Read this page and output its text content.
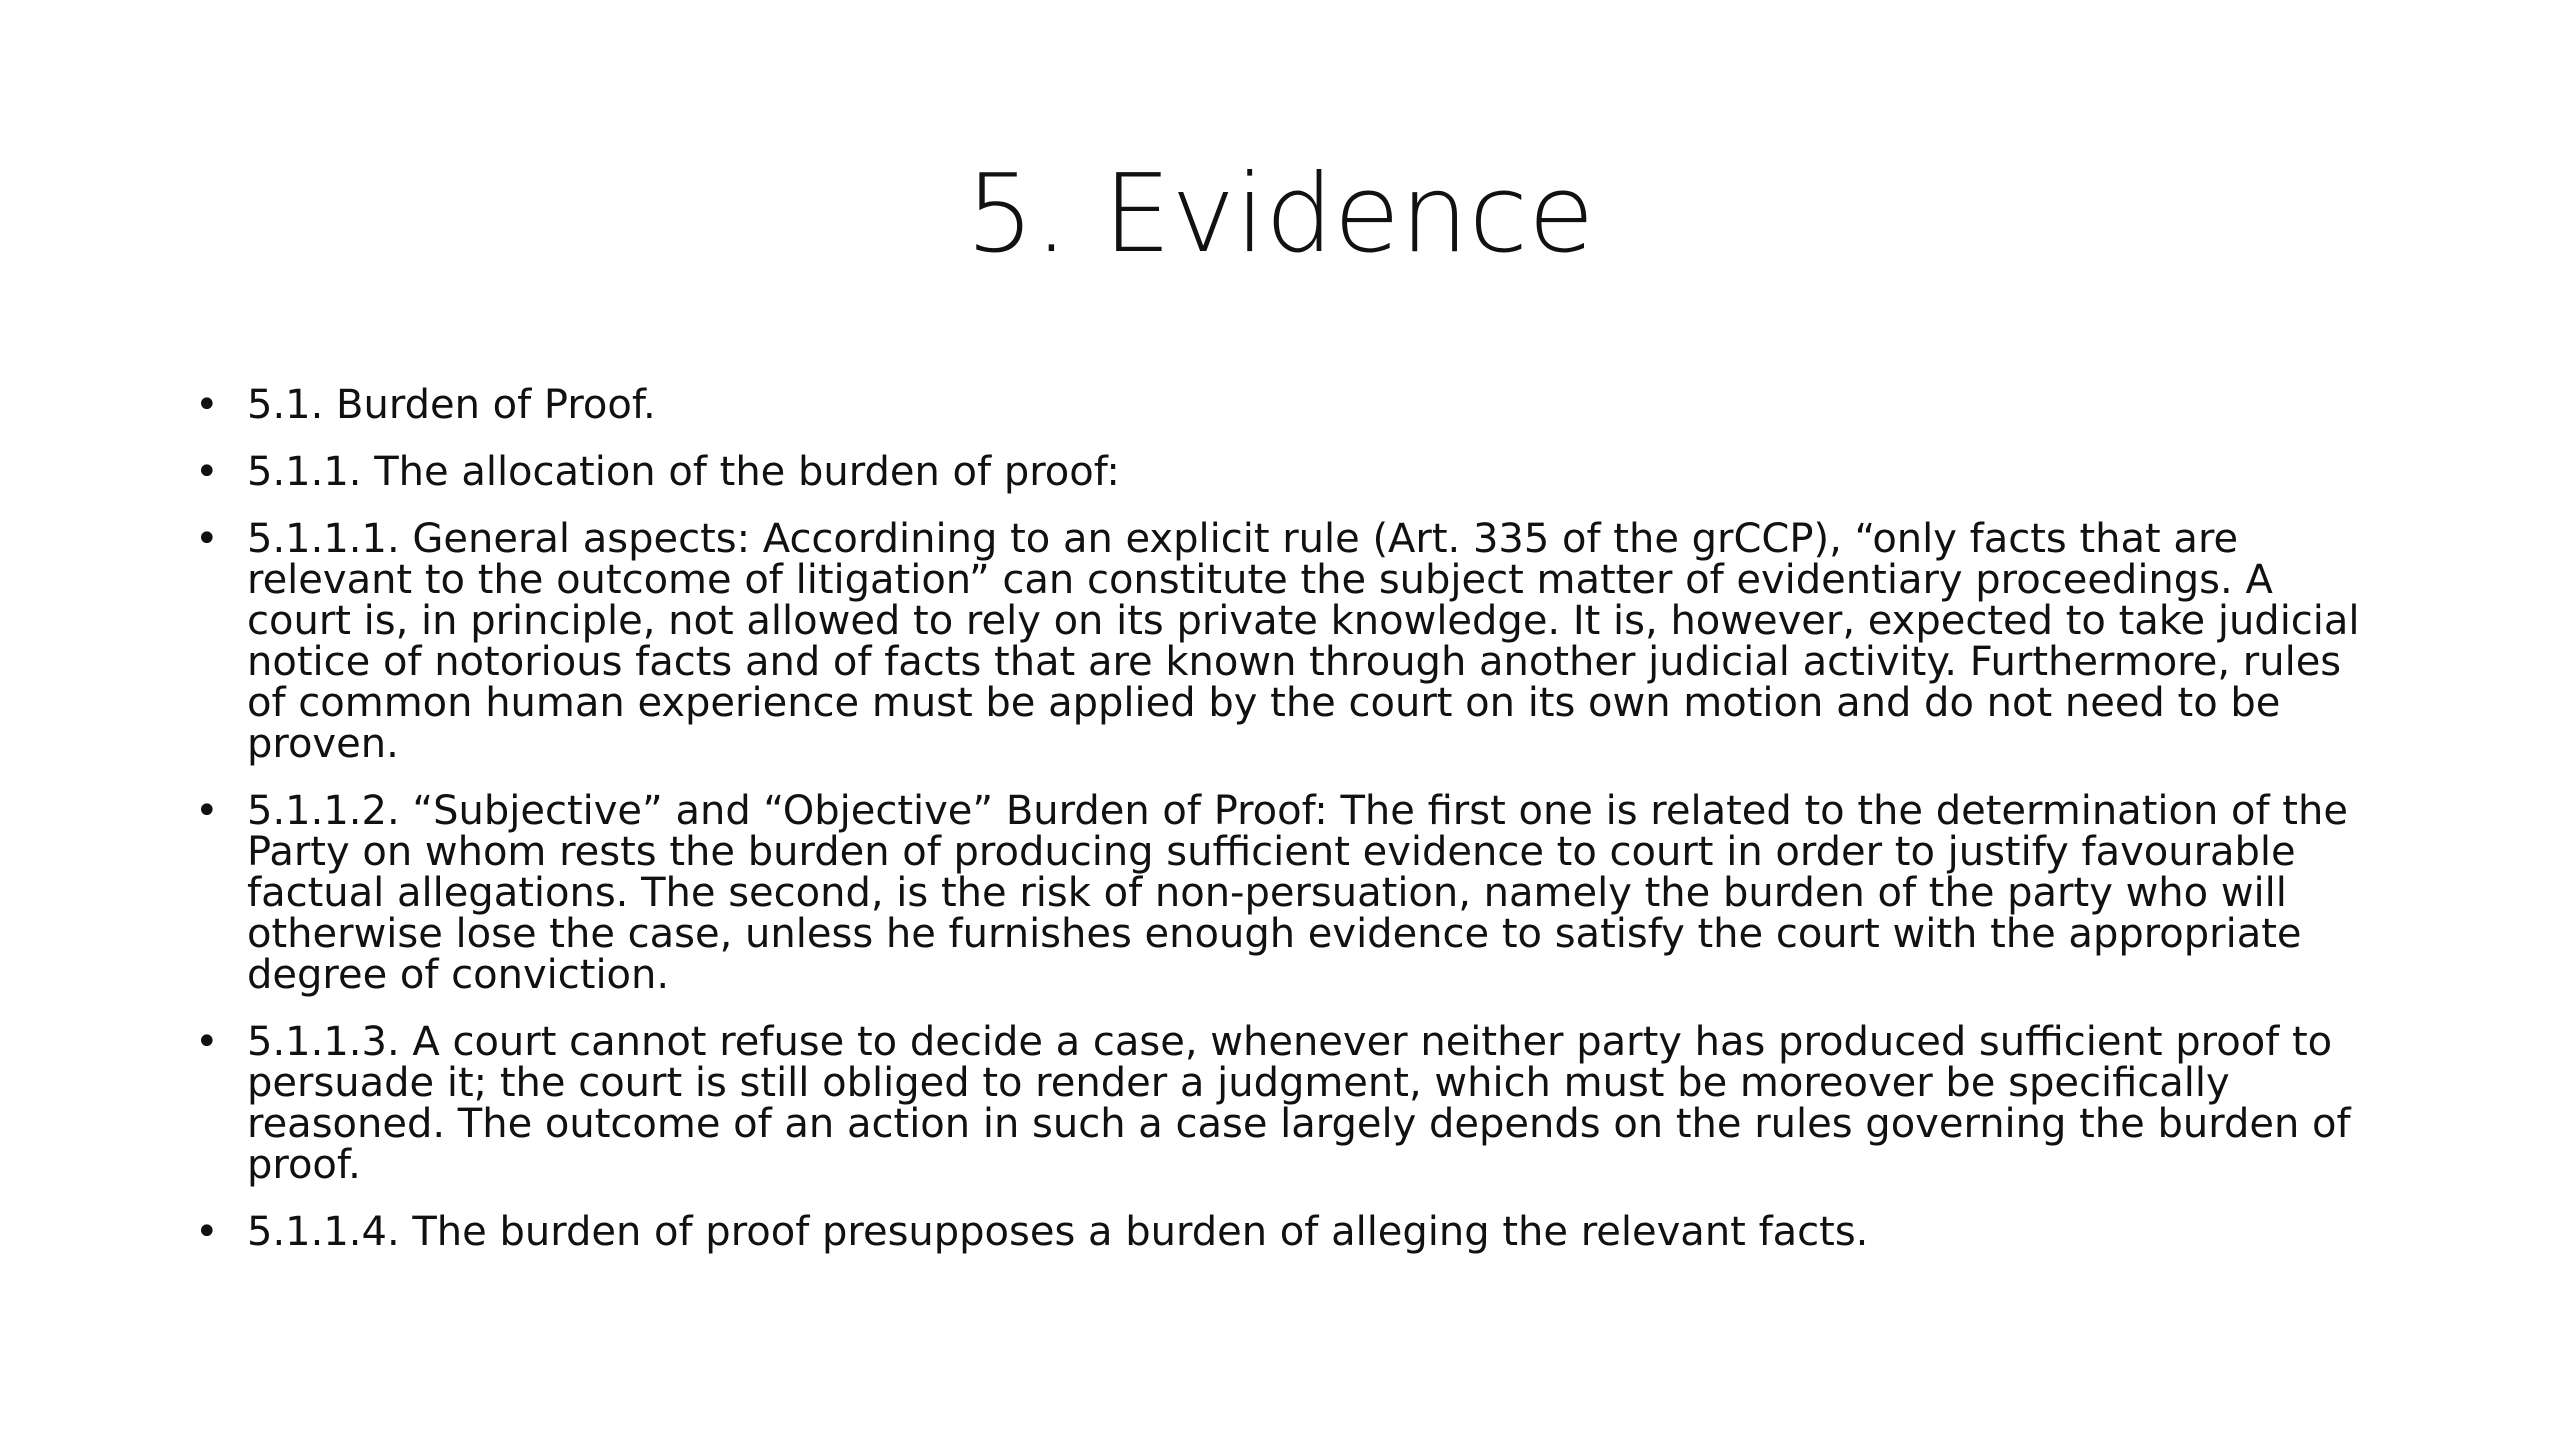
5. Evidence
• 5.1. Burden of Proof.
• 5.1.1. The allocation of the burden of proof:
• 5.1.1.1. General aspects: Accordining to an explicit rule (Art. 335 of the grCCP), “only facts that are relevant to the outcome of litigation” can constitute the subject matter of evidentiary proceedings. A court is, in principle, not allowed to rely on its private knowledge. It is, however, expected to take judicial notice of notorious facts and of facts that are known through another judicial activity. Furthermore, rules of common human experience must be applied by the court on its own motion and do not need to be proven.
• 5.1.1.2. “Subjective” and “Objective” Burden of Proof: The first one is related to the determination of the Party on whom rests the burden of producing sufficient evidence to court in order to justify favourable factual allegations. The second, is the risk of non-persuation, namely the burden of the party who will otherwise lose the case, unless he furnishes enough evidence to satisfy the court with the appropriate degree of conviction.
• 5.1.1.3. A court cannot refuse to decide a case, whenever neither party has produced sufficient proof to persuade it; the court is still obliged to render a judgment, which must be moreover be specifically reasoned. The outcome of an action in such a case largely depends on the rules governing the burden of proof.
• 5.1.1.4. The burden of proof presupposes a burden of alleging the relevant facts.
